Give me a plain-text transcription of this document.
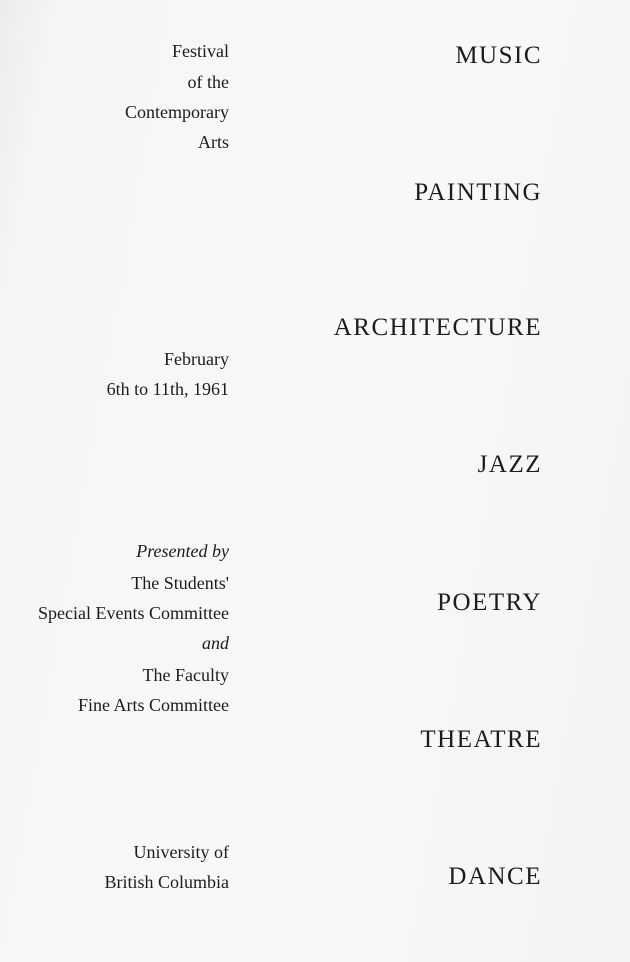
Festival
of the
Contemporary
Arts
February
6th to 11th, 1961
Presented by
The Students'
Special Events Committee
and
The Faculty
Fine Arts Committee
University of
British Columbia
MUSIC
PAINTING
ARCHITECTURE
JAZZ
POETRY
THEATRE
DANCE
